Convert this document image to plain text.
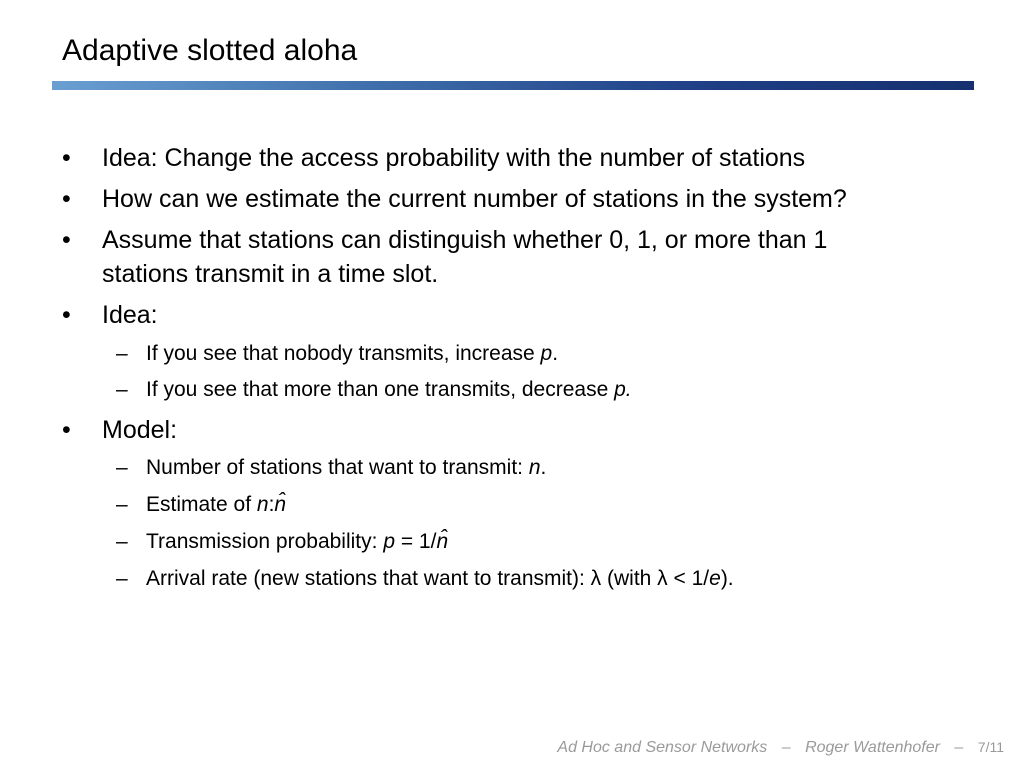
Adaptive slotted aloha
•	Idea: Change the access probability with the number of stations
•	How can we estimate the current number of stations in the system?
•	Assume that stations can distinguish whether 0, 1, or more than 1
stations transmit in a time slot.
•	Idea:
– If you see that nobody transmits, increase p.
– If you see that more than one transmits, decrease p.
•	Model:
– Number of stations that want to transmit: n.
– Estimate of n:n̂
– Transmission probability: p = 1/n̂
– Arrival rate (new stations that want to transmit): λ (with λ < 1/e).
Ad Hoc and Sensor Networks – Roger Wattenhofer – 7/11
